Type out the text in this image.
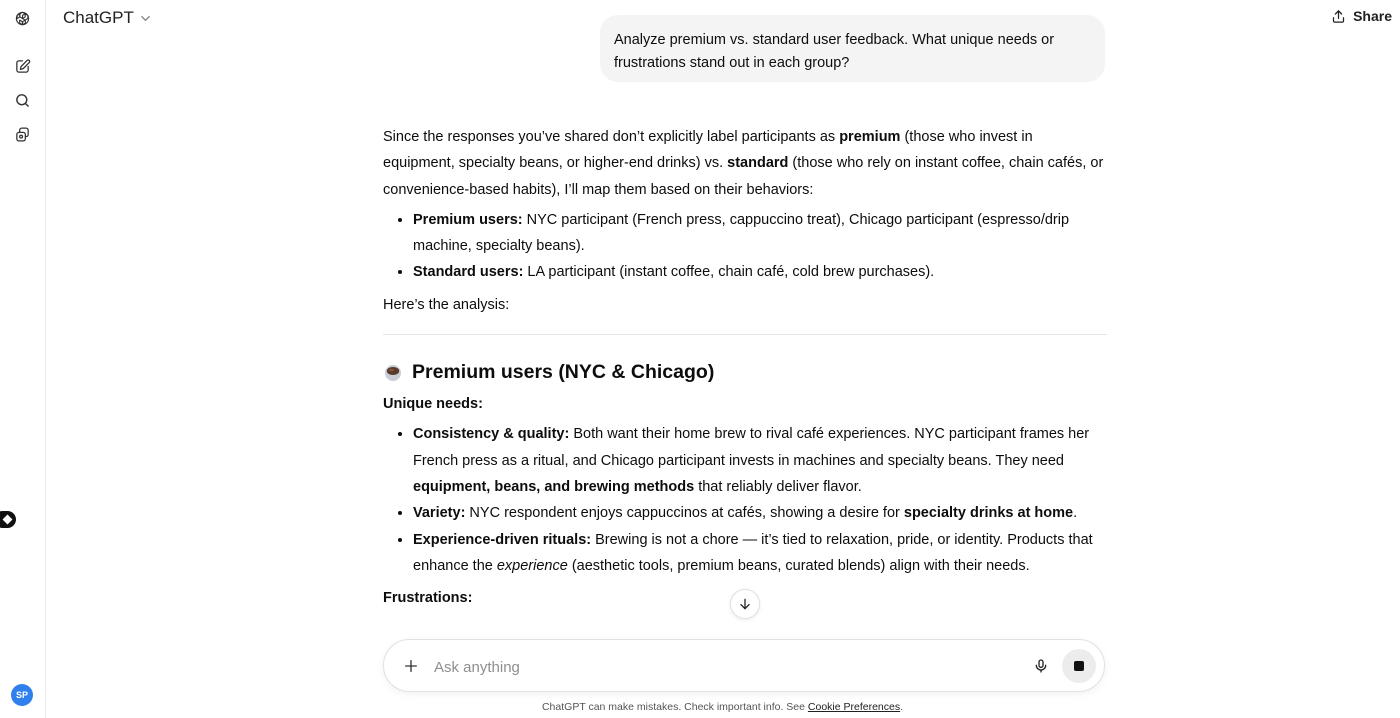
SP
ChatGPT	Share
Analyze premium vs. standard user feedback. What unique needs or frustrations stand out in each group?

Since the responses you’ve shared don’t explicitly label participants as premium (those who invest in equipment, specialty beans, or higher-end drinks) vs. standard (those who rely on instant coffee, chain cafés, or convenience-based habits), I’ll map them based on their behaviors:

• Premium users: NYC participant (French press, cappuccino treat), Chicago participant (espresso/drip machine, specialty beans).
• Standard users: LA participant (instant coffee, chain café, cold brew purchases).

Here’s the analysis:

Premium users (NYC & Chicago)

Unique needs:

• Consistency & quality: Both want their home brew to rival café experiences. NYC participant frames her French press as a ritual, and Chicago participant invests in machines and specialty beans. They need equipment, beans, and brewing methods that reliably deliver flavor.
• Variety: NYC respondent enjoys cappuccinos at cafés, showing a desire for specialty drinks at home.
• Experience-driven rituals: Brewing is not a chore — it’s tied to relaxation, pride, or identity. Products that enhance the experience (aesthetic tools, premium beans, curated blends) align with their needs.

Frustrations:

Ask anything
ChatGPT can make mistakes. Check important info. See Cookie Preferences.
